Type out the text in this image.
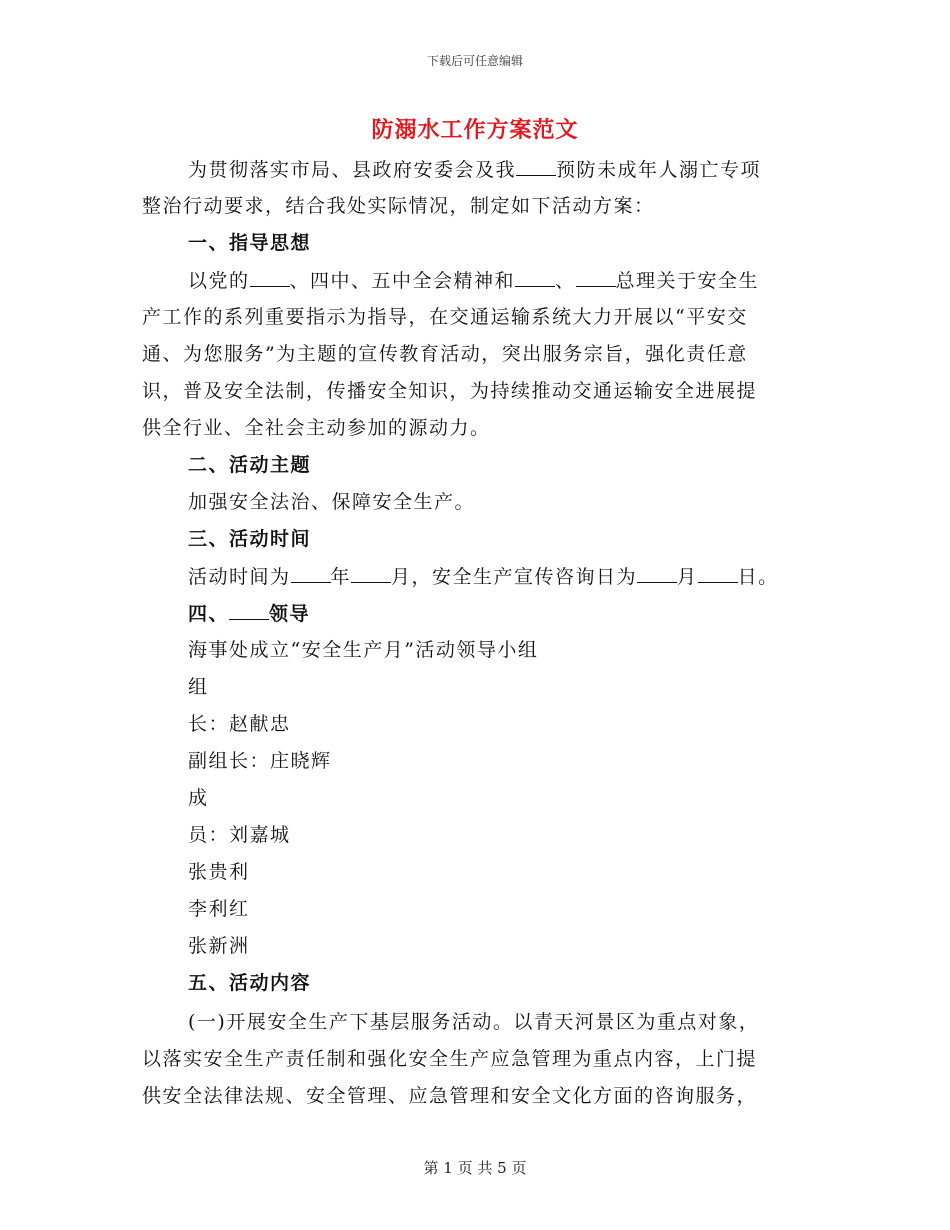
下载后可任意编辑
防溺水工作方案范文
为贯彻落实市局、县政府安委会及我 预防未成年人溺亡专项
整治行动要求，结合我处实际情况，制定如下活动方案：
一、指导思想
以党的 、四中、五中全会精神和 、 总理关于安全生
产工作的系列重要指示为指导，在交通运输系统大力开展以“平安交
通、为您服务”为主题的宣传教育活动，突出服务宗旨，强化责任意
识，普及安全法制，传播安全知识，为持续推动交通运输安全进展提
供全行业、全社会主动参加的源动力。
二、活动主题
加强安全法治、保障安全生产。
三、活动时间
活动时间为 年 月，安全生产宣传咨询日为 月 日。
四、 领导
海事处成立“安全生产月”活动领导小组
组
长：赵献忠
副组长：庄晓辉
成
员：刘嘉城
张贵利
李利红
张新洲
五、活动内容
(一)开展安全生产下基层服务活动。以青天河景区为重点对象，
以落实安全生产责任制和强化安全生产应急管理为重点内容，上门提
供安全法律法规、安全管理、应急管理和安全文化方面的咨询服务，
第 1 页 共 5 页
